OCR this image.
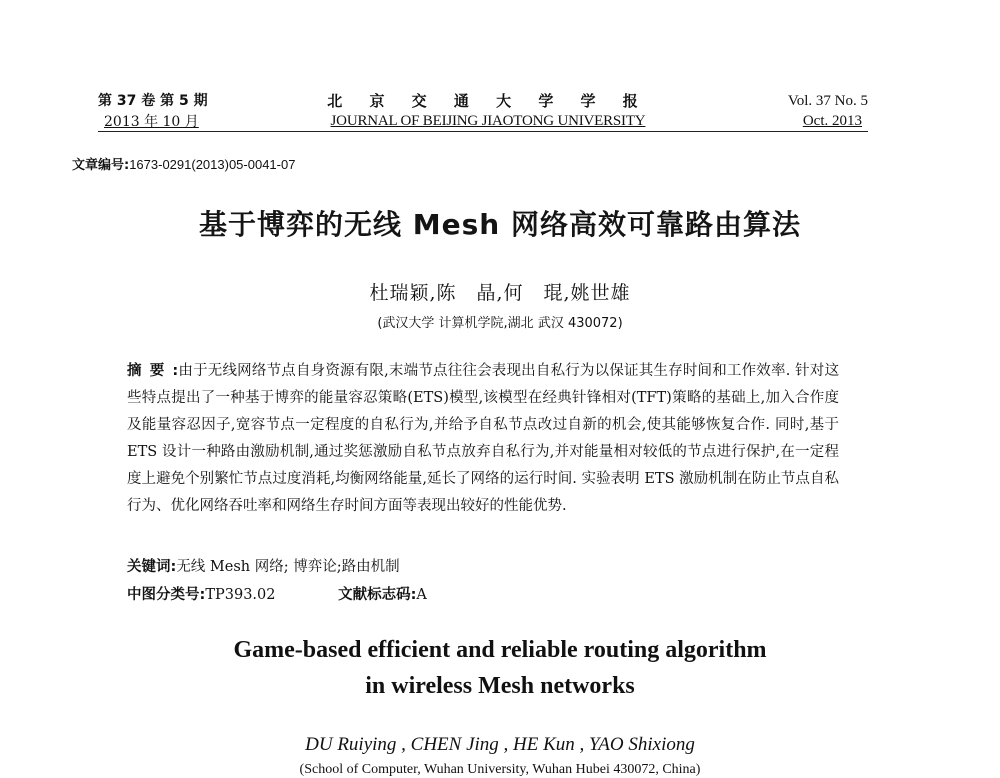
第 37 卷 第 5 期
2013 年 10 月
北 京 交 通 大 学 学 报
JOURNAL OF BEIJING JIAOTONG UNIVERSITY
Vol. 37 No. 5
Oct. 2013
文章编号:1673-0291(2013)05-0041-07
基于博弈的无线 Mesh 网络高效可靠路由算法
杜瑞颖,陈　晶,何　琨,姚世雄
(武汉大学 计算机学院,湖北 武汉 430072)
摘要:由于无线网络节点自身资源有限,末端节点往往会表现出自私行为以保证其生存时间和工作效率. 针对这些特点提出了一种基于博弈的能量容忍策略(ETS)模型,该模型在经典针锋相对(TFT)策略的基础上,加入合作度及能量容忍因子,宽容节点一定程度的自私行为,并给予自私节点改过自新的机会,使其能够恢复合作. 同时,基于 ETS 设计一种路由激励机制,通过奖惩激励自私节点放弃自私行为,并对能量相对较低的节点进行保护,在一定程度上避免个别繁忙节点过度消耗,均衡网络能量,延长了网络的运行时间. 实验表明 ETS 激励机制在防止节点自私行为、优化网络吞吐率和网络生存时间方面等表现出较好的性能优势.
关键词:无线 Mesh 网络; 博弈论;路由机制
中图分类号:TP393.02	文献标志码:A
Game-based efficient and reliable routing algorithm
in wireless Mesh networks
DU Ruiying , CHEN Jing , HE Kun , YAO Shixiong
(School of Computer, Wuhan University, Wuhan Hubei 430072, China)
